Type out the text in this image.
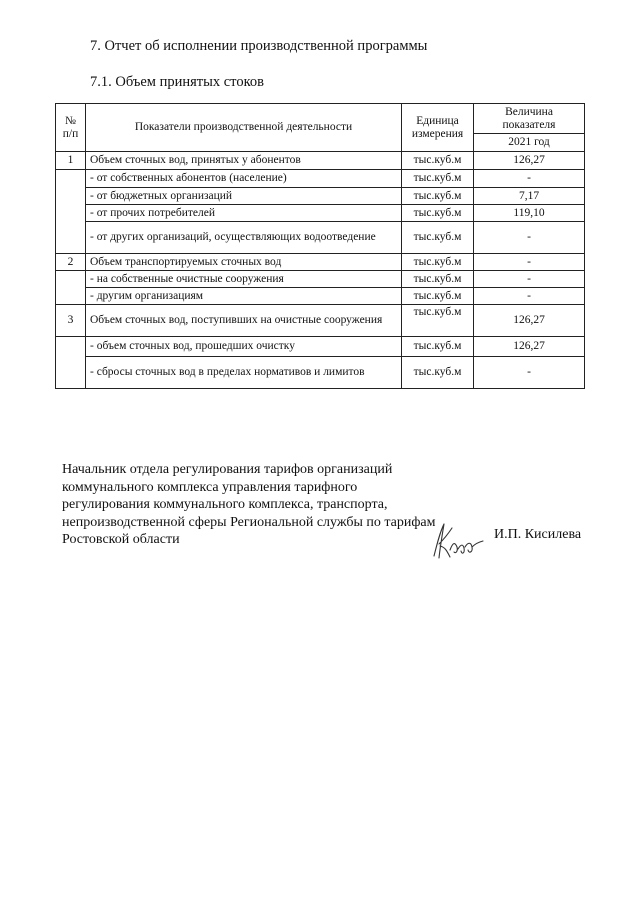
7. Отчет об исполнении производственной программы
7.1. Объем принятых стоков
№ п/п	Показатели производственной деятельности	Единица измерения	Величина показателя
			2021 год
1	Объем сточных вод, принятых у абонентов	тыс.куб.м	126,27
	- от собственных абонентов (население)	тыс.куб.м	-
	- от бюджетных организаций	тыс.куб.м	7,17
	- от прочих потребителей	тыс.куб.м	119,10
	- от других организаций, осуществляющих водоотведение	тыс.куб.м	-
2	Объем транспортируемых сточных вод	тыс.куб.м	-
	- на собственные очистные сооружения	тыс.куб.м	-
	- другим организациям	тыс.куб.м	-
3	Объем сточных вод, поступивших на очистные сооружения	тыс.куб.м	126,27
	- объем сточных вод, прошедших очистку	тыс.куб.м	126,27
	- сбросы сточных вод в пределах нормативов и лимитов	тыс.куб.м	-
Начальник отдела регулирования тарифов организаций коммунального комплекса управления тарифного регулирования коммунального комплекса, транспорта, непроизводственной сферы Региональной службы по тарифам Ростовской области	И.П. Кисилева
